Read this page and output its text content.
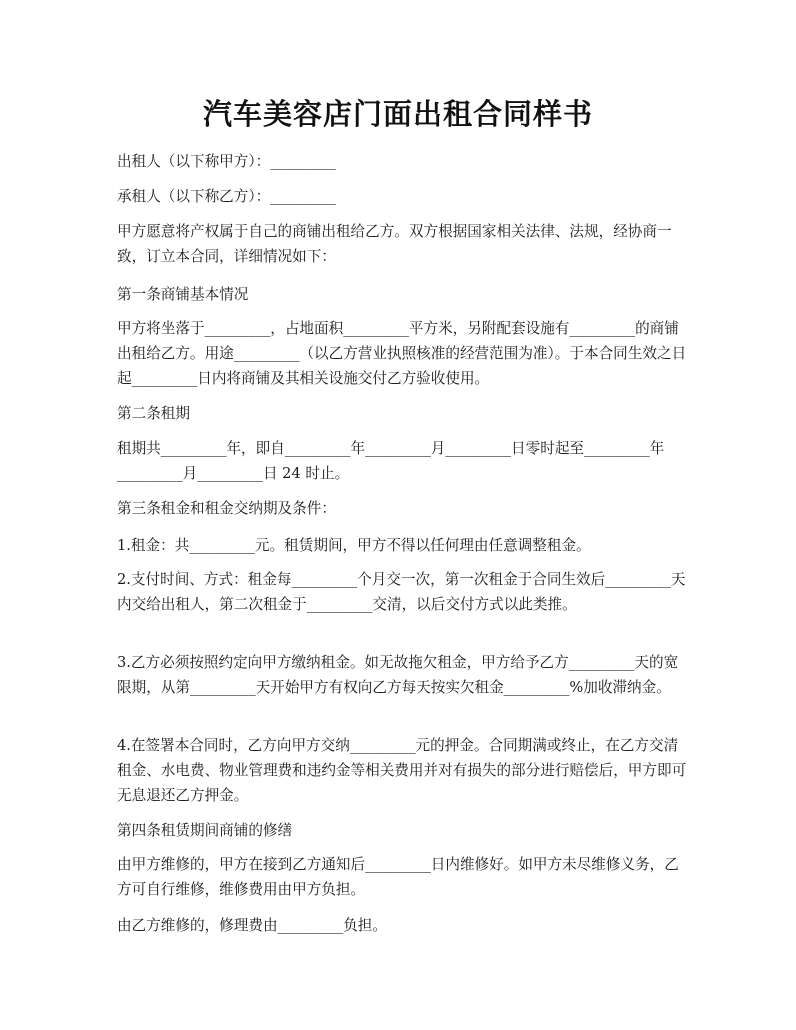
汽车美容店门面出租合同样书

出租人（以下称甲方）：_________

承租人（以下称乙方）：_________

甲方愿意将产权属于自己的商铺出租给乙方。双方根据国家相关法律、法规，经协商一致，订立本合同，详细情况如下：

第一条商铺基本情况

甲方将坐落于_________，占地面积_________平方米，另附配套设施有_________的商铺出租给乙方。用途_________（以乙方营业执照核准的经营范围为准）。于本合同生效之日起_________日内将商铺及其相关设施交付乙方验收使用。

第二条租期

租期共_________年，即自_________年_________月_________日零时起至_________年_________月_________日 24 时止。

第三条租金和租金交纳期及条件：

1.租金：共_________元。租赁期间，甲方不得以任何理由任意调整租金。

2.支付时间、方式：租金每_________个月交一次，第一次租金于合同生效后_________天内交给出租人，第二次租金于_________交清，以后交付方式以此类推。

3.乙方必须按照约定向甲方缴纳租金。如无故拖欠租金，甲方给予乙方_________天的宽限期，从第_________天开始甲方有权向乙方每天按实欠租金_________%加收滞纳金。

4.在签署本合同时，乙方向甲方交纳_________元的押金。合同期满或终止，在乙方交清租金、水电费、物业管理费和违约金等相关费用并对有损失的部分进行赔偿后，甲方即可无息退还乙方押金。

第四条租赁期间商铺的修缮

由甲方维修的，甲方在接到乙方通知后_________日内维修好。如甲方未尽维修义务，乙方可自行维修，维修费用由甲方负担。

由乙方维修的，修理费由_________负担。
